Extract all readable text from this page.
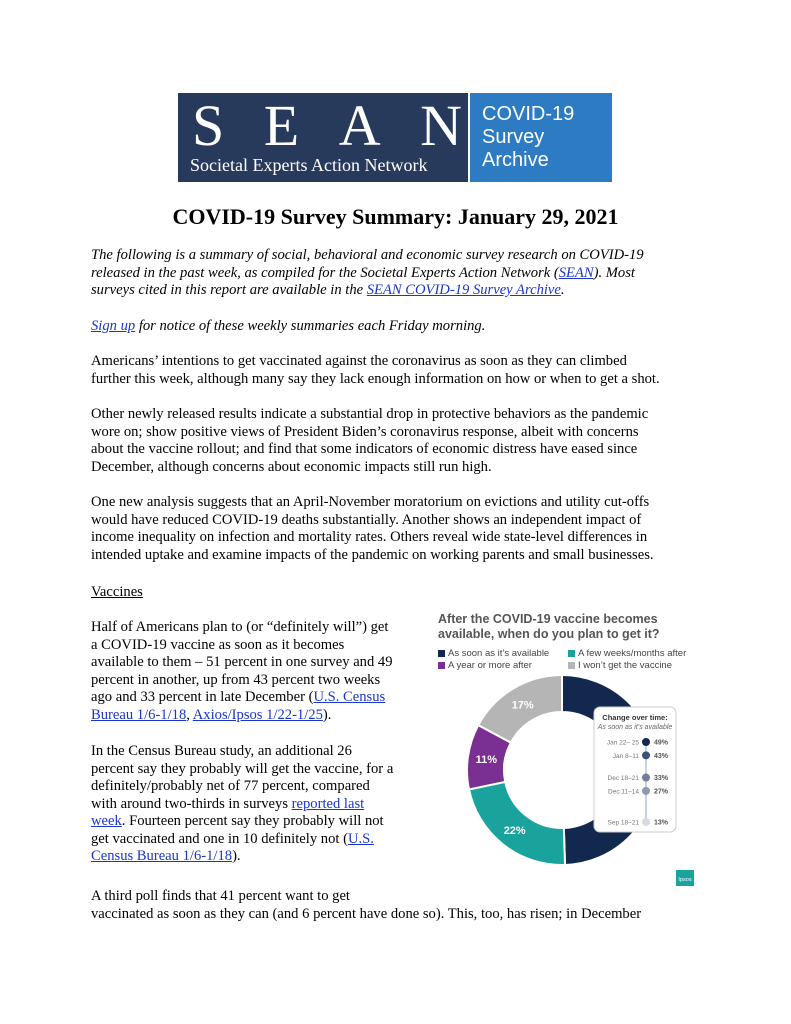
S E A N
Societal Experts Action Network
COVID-19
Survey
Archive
COVID-19 Survey Summary: January 29, 2021
The following is a summary of social, behavioral and economic survey research on COVID-19
released in the past week, as compiled for the Societal Experts Action Network (SEAN). Most
surveys cited in this report are available in the SEAN COVID-19 Survey Archive.
Sign up for notice of these weekly summaries each Friday morning.
Americans’ intentions to get vaccinated against the coronavirus as soon as they can climbed
further this week, although many say they lack enough information on how or when to get a shot.
Other newly released results indicate a substantial drop in protective behaviors as the pandemic
wore on; show positive views of President Biden’s coronavirus response, albeit with concerns
about the vaccine rollout; and find that some indicators of economic distress have eased since
December, although concerns about economic impacts still run high.
One new analysis suggests that an April-November moratorium on evictions and utility cut-offs
would have reduced COVID-19 deaths substantially. Another shows an independent impact of
income inequality on infection and mortality rates. Others reveal wide state-level differences in
intended uptake and examine impacts of the pandemic on working parents and small businesses.
Vaccines
Half of Americans plan to (or “definitely will”) get
a COVID-19 vaccine as soon as it becomes
available to them – 51 percent in one survey and 49
percent in another, up from 43 percent two weeks
ago and 33 percent in late December (U.S. Census
Bureau 1/6-1/18, Axios/Ipsos 1/22-1/25).
In the Census Bureau study, an additional 26
percent say they probably will get the vaccine, for a
definitely/probably net of 77 percent, compared
with around two-thirds in surveys reported last
week. Fourteen percent say they probably will not
get vaccinated and one in 10 definitely not (U.S.
Census Bureau 1/6-1/18).
A third poll finds that 41 percent want to get
vaccinated as soon as they can (and 6 percent have done so). This, too, has risen; in December
After the COVID-19 vaccine becomes available, when do you plan to get it?
As soon as it’s available	A few weeks/months after
A year or more after	I won’t get the vaccine
22%
11%
17%
Change over time:
As soon as it’s available
Jan 22– 25 49%
Jan 8–11 43%
Dec 18–21 33%
Dec 11–14 27%
Sep 18–21 13%
Ipsos
